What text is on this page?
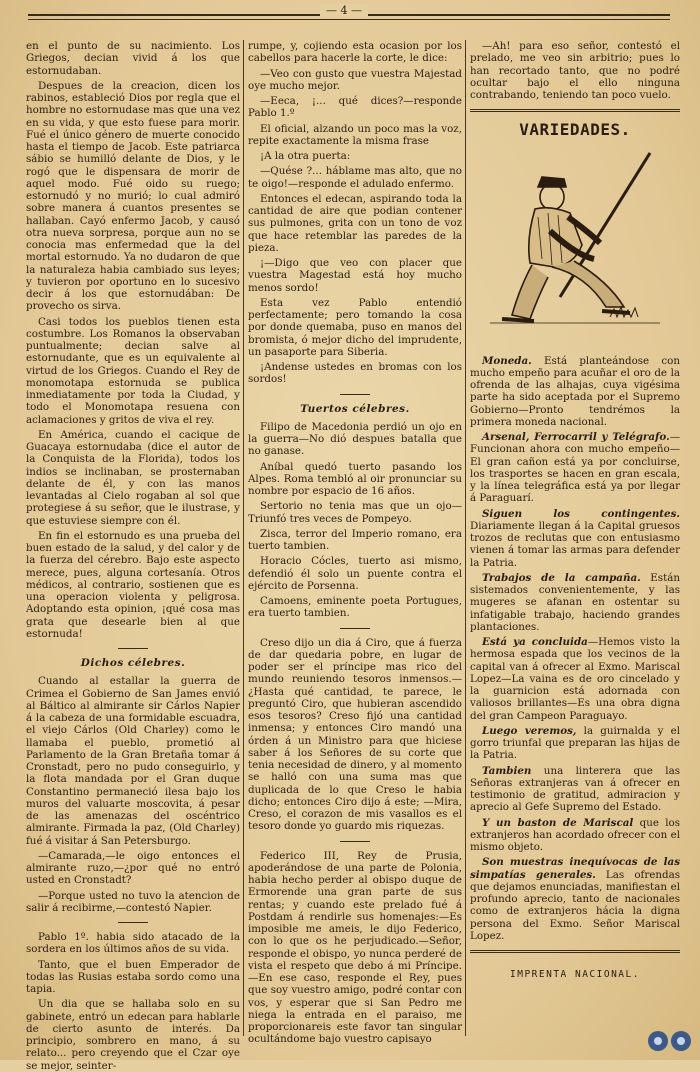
— 4 —

en el punto de su nacimiento. Los Griegos, decian vivid á los que estornudaban.

Despues de la creacion, dicen los rabinos, estableció Dios por regla que el hombre no estornudase mas que una vez en su vida, y que esto fuese para morir. Fué el único género de muerte conocido hasta el tiempo de Jacob. Este patriarca sábio se humilló delante de Dios, y le rogó que le dispensara de morir de aquel modo. Fué oido su ruego; estornudó y no murió; lo cual admiró sobre manera á cuantos presentes se hallaban. Cayó enfermo Jacob, y causó otra nueva sorpresa, porque aun no se conocia mas enfermedad que la del mortal estornudo. Ya no dudaron de que la naturaleza habia cambiado sus leyes; y tuvieron por oportuno en lo sucesivo decir á los que estornudában: De provecho os sirva.

Casi todos los pueblos tienen esta costumbre. Los Romanos la observaban puntualmente; decian salve al estornudante, que es un equivalente al virtud de los Griegos. Cuando el Rey de monomotapa estornuda se publica inmediatamente por toda la Ciudad, y todo el Monomotapa resuena con aclamaciones y gritos de viva el rey.

En América, cuando el cacique de Guacaya estornudaba (dice el autor de la Conquista de la Florida), todos los indios se inclinaban, se prosternaban delante de él, y con las manos levantadas al Cielo rogaban al sol que protegiese á su señor, que le ilustrase, y que estuviese siempre con él.

En fin el estornudo es una prueba del buen estado de la salud, y del calor y de la fuerza del cérebro. Bajo este aspecto merece, pues, alguna cortesanía. Otros médicos, al contrario, sostienen que es una operacion violenta y peligrosa. Adoptando esta opinion, ¡qué cosa mas grata que desearle bien al que estornuda!

Dichos célebres.

Cuando al estallar la guerra de Crimea el Gobierno de San James envió al Báltico al almirante sir Cárlos Napier á la cabeza de una formidable escuadra, el viejo Cárlos (Old Charley) como le llamaba el pueblo, prometió al Parlamento de la Gran Bretaña tomar á Cronstadt, pero no pudo conseguirlo, y la flota mandada por el Gran duque Constantino permaneció ilesa bajo los muros del valuarte moscovita, á pesar de las amenazas del oscéntrico almirante. Firmada la paz, (Old Charley) fué á visitar á San Petersburgo.

—Camarada,—le oigo entonces el almirante ruzo,—¿por qué no entró usted en Cronstadt?

—Porque usted no tuvo la atencion de salir á recibirme,—contestó Napier.

Pablo 1º. habia sido atacado de la sordera en los últimos años de su vida.

Tanto, que el buen Emperador de todas las Rusias estaba sordo como una tapia.

Un dia que se hallaba solo en su gabinete, entró un edecan para hablarle de cierto asunto de interés. Da principio, sombrero en mano, á su relato... pero creyendo que el Czar oye se mejor, seinter-

rumpe, y, cojiendo esta ocasion por los cabellos para hacerle la corte, le dice:

—Veo con gusto que vuestra Majestad oye mucho mejor.

—Eeca, ¡... qué dices?—responde Pablo 1.º

El oficial, alzando un poco mas la voz, repite exactamente la misma frase

¡A la otra puerta:

—Quése ?... háblame mas alto, que no te oigo!—responde el adulado enfermo.

Entonces el edecan, aspirando toda la cantidad de aire que podian contener sus pulmones, grita con un tono de voz que hace retemblar las paredes de la pieza.

¡—Digo que veo con placer que vuestra Magestad está hoy mucho menos sordo!

Esta vez Pablo entendió perfectamente; pero tomando la cosa por donde quemaba, puso en manos del bromista, ó mejor dicho del imprudente, un pasaporte para Siberia.

¡Andense ustedes en bromas con los sordos!

Tuertos célebres.

Filipo de Macedonia perdió un ojo en la guerra—No dió despues batalla que no ganase.

Aníbal quedó tuerto pasando los Alpes. Roma tembló al oir pronunciar su nombre por espacio de 16 años.

Sertorio no tenia mas que un ojo—Triunfó tres veces de Pompeyo.

Zisca, terror del Imperio romano, era tuerto tambien.

Horacio Cócles, tuerto asi mismo, defendió él solo un puente contra el ejército de Porsenna.

Camoens, eminente poeta Portugues, era tuerto tambien.

Creso dijo un dia á Ciro, que á fuerza de dar quedaria pobre, en lugar de poder ser el príncipe mas rico del mundo reuniendo tesoros inmensos.—¿Hasta qué cantidad, te parece, le preguntó Ciro, que hubieran ascendido esos tesoros? Creso fijó una cantidad inmensa; y entonces Ciro mandó una órden á un Ministro para que hiciese saber á los Señores de su corte que tenia necesidad de dinero, y al momento se halló con una suma mas que duplicada de lo que Creso le habia dicho; entonces Ciro dijo á este; —Mira, Creso, el corazon de mis vasallos es el tesoro donde yo guardo mis riquezas.

Federico III, Rey de Prusia, apoderándose de una parte de Polonia, habia hecho perder al obispo duque de Ermorende una gran parte de sus rentas; y cuando este prelado fué á Postdam á rendirle sus homenajes:—Es imposible me ameis, le dijo Federico, con lo que os he perjudicado.—Señor, responde el obispo, yo nunca perderé de vista el respeto que debo á mi Príncipe.—En ese caso, responde el Rey, pues que soy vuestro amigo, podré contar con vos, y esperar que si San Pedro me niega la entrada en el paraiso, me proporcionareis este favor tan singular ocultándome bajo vuestro capisayo

—Ah! para eso señor, contestó el prelado, me veo sin arbitrio; pues lo han recortado tanto, que no podré ocultar bajo el ello ninguna contrabando, teniendo tan poco vuelo.

VARIEDADES.

Moneda. Está planteándose con mucho empeño para acuñar el oro de la ofrenda de las alhajas, cuya vigésima parte ha sido aceptada por el Supremo Gobierno—Pronto tendrémos la primera moneda nacional.

Arsenal, Ferrocarril y Telégrafo.—Funcionan ahora con mucho empeño—El gran cañon está ya por concluirse, los trasportes se hacen en gran escala, y la línea telegráfica está ya por llegar á Paraguarí.

Siguen los contingentes. Diariamente llegan á la Capital gruesos trozos de reclutas que con entusiasmo vienen á tomar las armas para defender la Patria.

Trabajos de la campaña. Están sistemados convenientemente, y las mugeres se afanan en ostentar su infatigable trabajo, haciendo grandes plantaciones.

Está ya concluida—Hemos visto la hermosa espada que los vecinos de la capital van á ofrecer al Exmo. Mariscal Lopez—La vaina es de oro cincelado y la guarnicion está adornada con valiosos brillantes—Es una obra digna del gran Campeon Paraguayo.

Luego veremos, la guirnalda y el gorro triunfal que preparan las hijas de la Patria.

Tambien una linterera que las Señoras extranjeras van á ofrecer en testimonio de gratitud, admiracion y aprecio al Gefe Supremo del Estado.

Y un baston de Mariscal que los extranjeros han acordado ofrecer con el mismo objeto.

Son muestras inequívocas de las simpatías generales. Las ofrendas que dejamos enunciadas, manifiestan el profundo aprecio, tanto de nacionales como de extranjeros hácia la digna persona del Exmo. Señor Mariscal Lopez.

IMPRENTA NACIONAL.
